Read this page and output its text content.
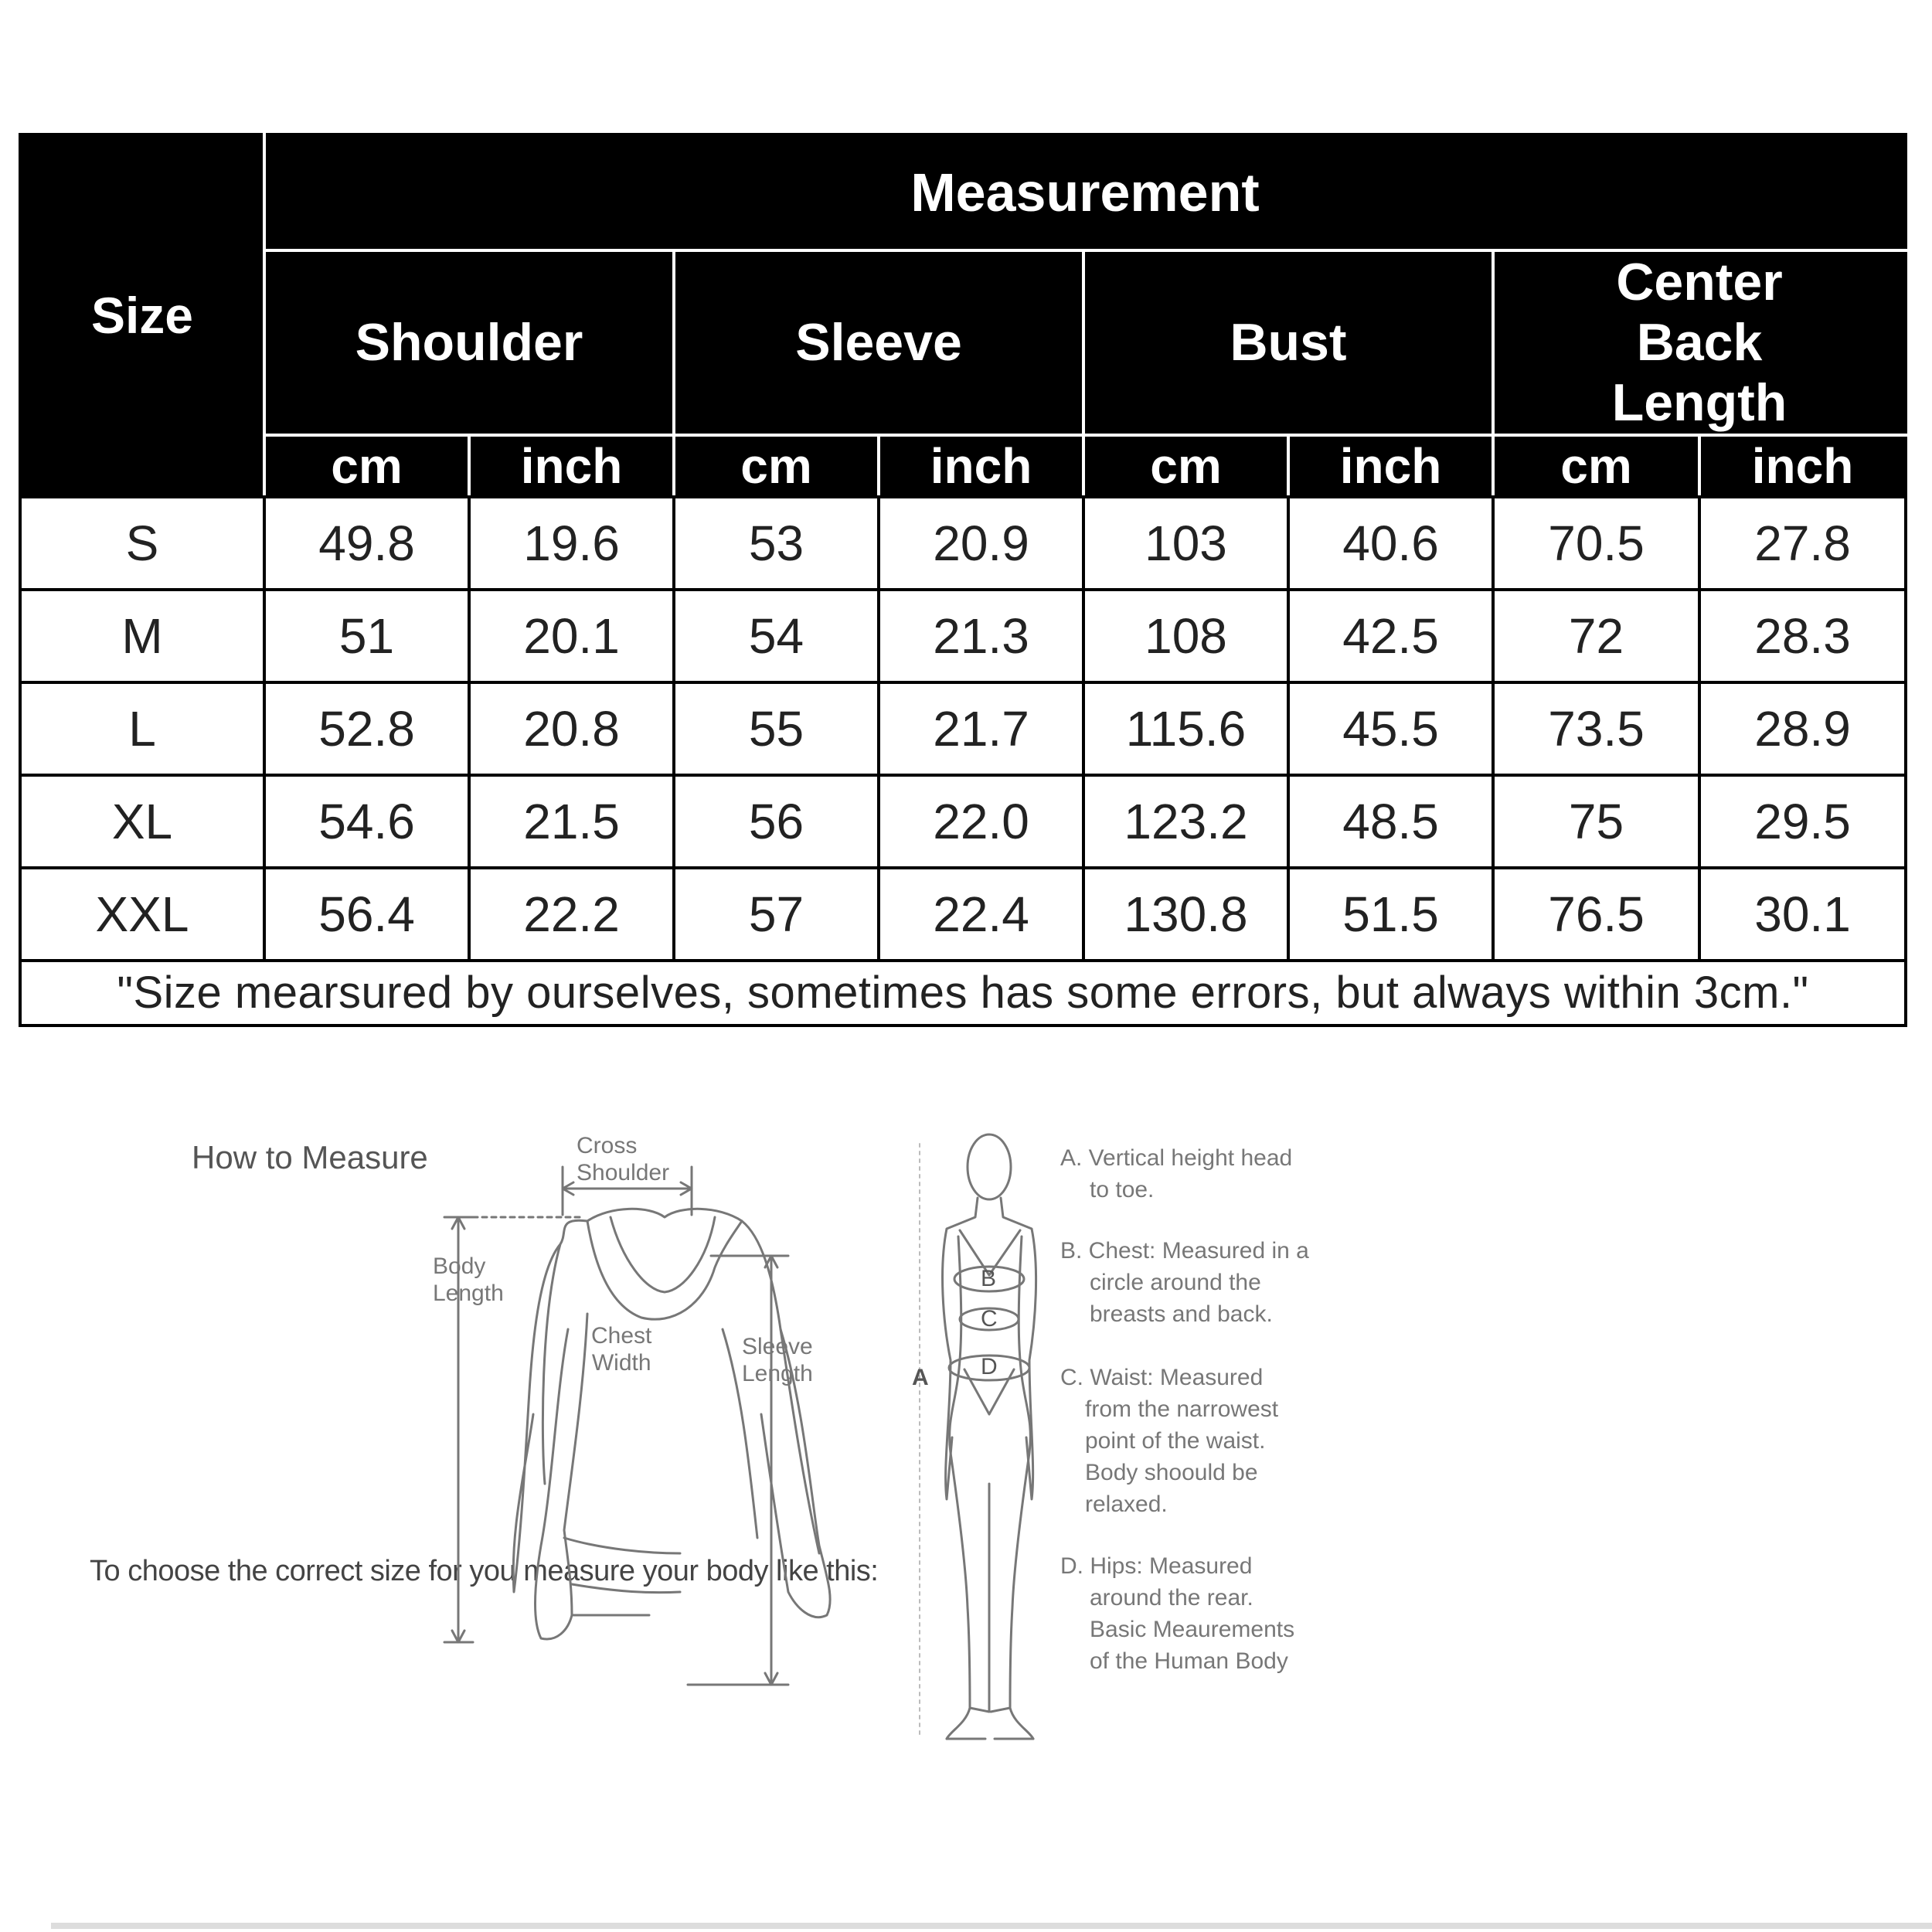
Size	Measurement							
	Shoulder		Sleeve		Bust		Center Back Length	

	cm	inch	cm	inch	cm	inch	cm	inch
S	49.8	19.6	53	20.9	103	40.6	70.5	27.8
M	51	20.1	54	21.3	108	42.5	72	28.3
L	52.8	20.8	55	21.7	115.6	45.5	73.5	28.9
XL	54.6	21.5	56	22.0	123.2	48.5	75	29.5
XXL	56.4	22.2	57	22.4	130.8	51.5	76.5	30.1
"Size mearsured by ourselves, sometimes has some errors, but always within 3cm."								
How to Measure
To choose the correct size for you measure your body like this:
Cross
Shoulder
Body
Length
Chest
Width
Sleeve
Length	A
B
C
D
A. Vertical height head
to toe.
B. Chest: Measured in a
circle around the
breasts and back.
C. Waist: Measured
from the narrowest
point of the waist.
Body shoould be
relaxed.
D. Hips: Measured
around the rear.
Basic Meaurements
of the Human Body
